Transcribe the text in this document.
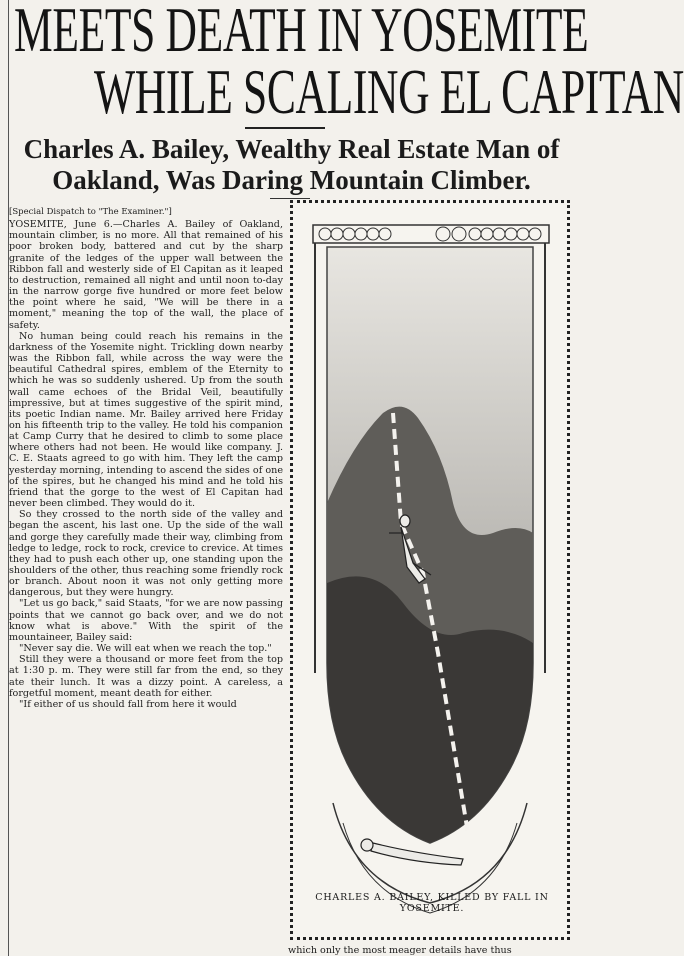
MEETS DEATH IN YOSEMITE
WHILE SCALING EL CAPITAN
Charles A. Bailey, Wealthy Real Estate Man of Oakland, Was Daring Mountain Climber.

[Special Dispatch to "The Examiner."]

YOSEMITE, June 6.—Charles A. Bailey of Oakland, mountain climber, is no more. All that remained of his poor broken body, battered and cut by the sharp granite of the ledges of the upper wall between the Ribbon fall and westerly side of El Capitan as it leaped to destruction, remained all night and until noon to-day in the narrow gorge five hundred or more feet below the point where he said, "We will be there in a moment," meaning the top of the wall, the place of safety.

No human being could reach his remains in the darkness of the Yosemite night. Trickling down nearby was the Ribbon fall, while across the way were the beautiful Cathedral spires, emblem of the Eternity to which he was so suddenly ushered. Up from the south wall came echoes of the Bridal Veil, beautifully impressive, but at times suggestive of the spirit mind, its poetic Indian name. Mr. Bailey arrived here Friday on his fifteenth trip to the valley. He told his companion at Camp Curry that he desired to climb to some place where others had not been. He would like company. J. C. E. Staats agreed to go with him. They left the camp yesterday morning, intending to ascend the sides of one of the spires, but he changed his mind and he told his friend that the gorge to the west of El Capitan had never been climbed. They would do it.

So they crossed to the north side of the valley and began the ascent, his last one. Up the side of the wall and gorge they carefully made their way, climbing from ledge to ledge, rock to rock, crevice to crevice. At times they had to push each other up, one standing upon the shoulders of the other, thus reaching some friendly rock or branch. About noon it was not only getting more dangerous, but they were hungry.

"Let us go back," said Staats, "for we are now passing points that we cannot go back over, and we do not know what is above." With the spirit of the mountaineer, Bailey said:

"Never say die. We will eat when we reach the top."

Still they were a thousand or more feet from the top at 1:30 p. m. They were still far from the end, so they ate their lunch. It was a dizzy point. A careless, a forgetful moment, meant death for either.

"If either of us should fall from here it would

CHARLES A. BAILEY, KILLED BY FALL IN YOSEMITE.
which only the most meager details have thus
